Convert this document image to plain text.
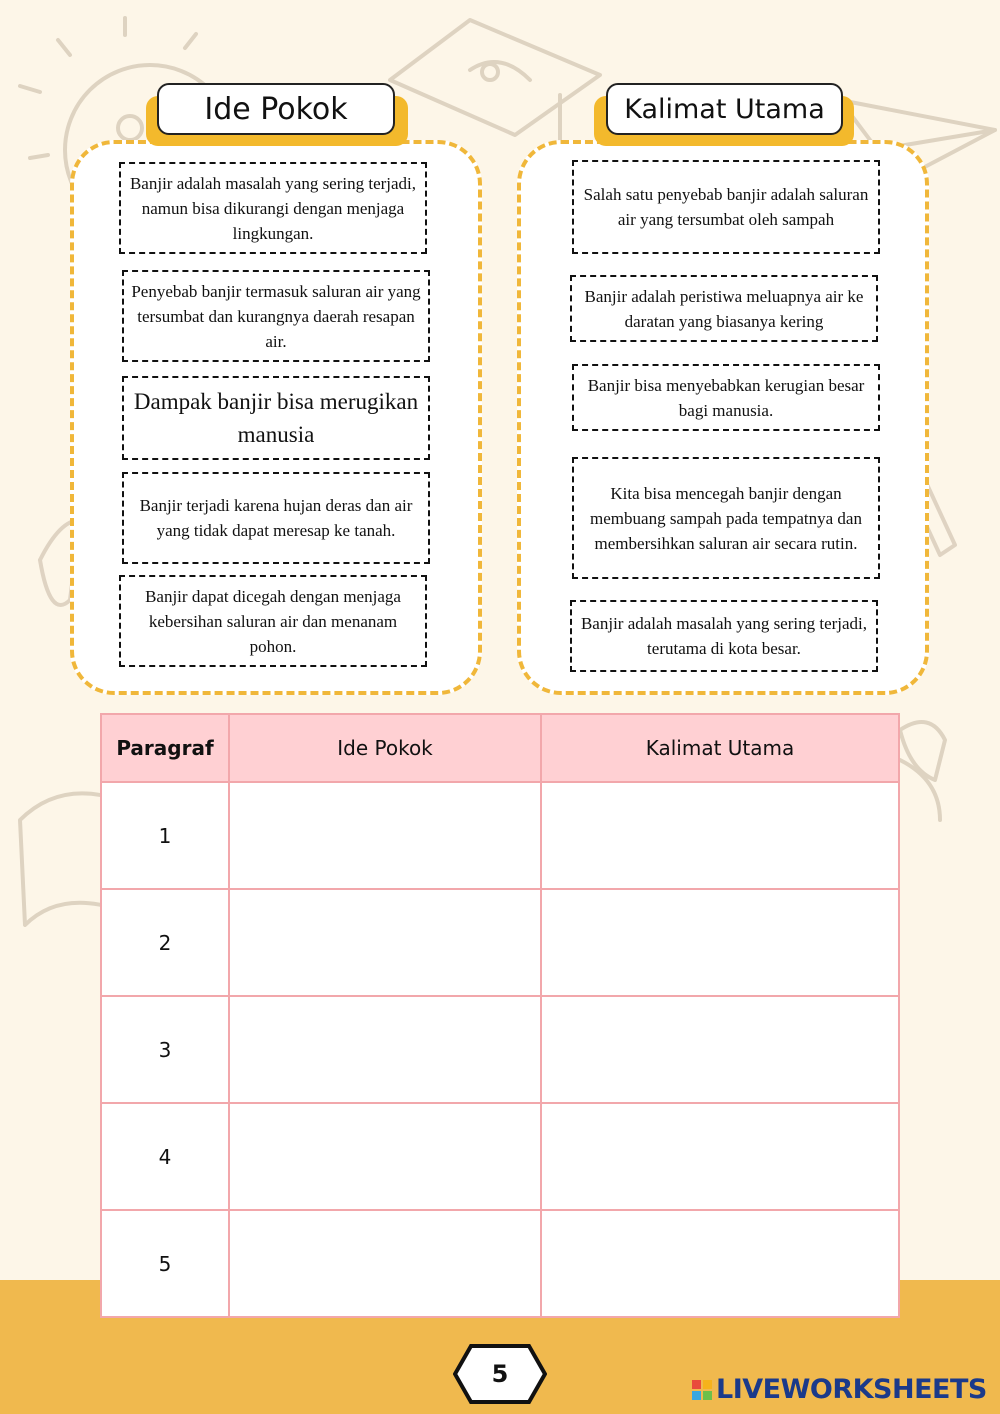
Ide Pokok
Banjir adalah masalah yang sering terjadi, namun bisa dikurangi dengan menjaga lingkungan.
Penyebab banjir termasuk saluran air yang tersumbat dan kurangnya daerah resapan air.
Dampak banjir bisa merugikan manusia
Banjir terjadi karena hujan deras dan air yang tidak dapat meresap ke tanah.
Banjir dapat dicegah dengan menjaga kebersihan saluran air dan menanam pohon.
Kalimat Utama
Salah satu penyebab banjir adalah saluran air yang tersumbat oleh sampah
Banjir adalah peristiwa meluapnya air ke daratan yang biasanya kering
Banjir bisa menyebabkan kerugian besar bagi manusia.
Kita bisa mencegah banjir dengan membuang sampah pada tempatnya dan membersihkan saluran air secara rutin.
Banjir adalah masalah yang sering terjadi, terutama di kota besar.
Paragraf	Ide Pokok	Kalimat Utama
1		
2		
3		
4		
5		
5	LIVEWORKSHEETS
